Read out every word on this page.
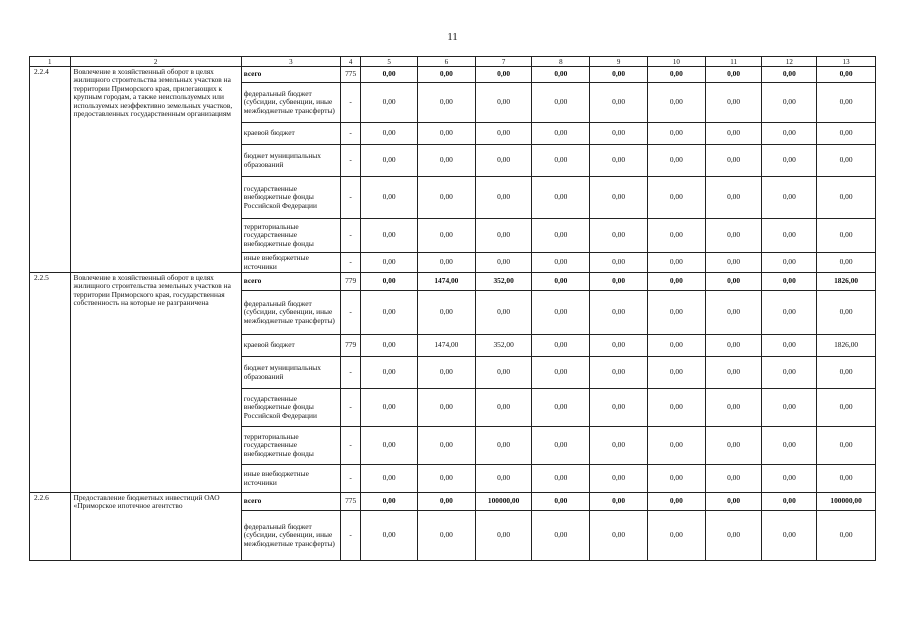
11
1	2	3	4	5	6	7	8	9	10	11	12	13
2.2.4	Вовлечение в хозяйственный оборот в целях жилищного строительства земельных участков на территории Приморского края, прилегающих к крупным городам, а также неиспользуемых или используемых неэффективно земельных участков, предоставленных государственным организациям	всего	775	0,00	0,00	0,00	0,00	0,00	0,00	0,00	0,00	0,00
		федеральный бюджет (субсидии, субвенции, иные межбюджетные трансферты)	-	0,00	0,00	0,00	0,00	0,00	0,00	0,00	0,00	0,00
		краевой бюджет	-	0,00	0,00	0,00	0,00	0,00	0,00	0,00	0,00	0,00
		бюджет муниципальных образований	-	0,00	0,00	0,00	0,00	0,00	0,00	0,00	0,00	0,00
		государственные внебюджетные фонды Российской Федерации	-	0,00	0,00	0,00	0,00	0,00	0,00	0,00	0,00	0,00
		территориальные государственные внебюджетные фонды	-	0,00	0,00	0,00	0,00	0,00	0,00	0,00	0,00	0,00
		иные внебюджетные источники	-	0,00	0,00	0,00	0,00	0,00	0,00	0,00	0,00	0,00
2.2.5	Вовлечение в хозяйственный оборот в целях жилищного строительства земельных участков на территории Приморского края, государственная собственность на которые не разграничена	всего	779	0,00	1474,00	352,00	0,00	0,00	0,00	0,00	0,00	1826,00
		федеральный бюджет (субсидии, субвенции, иные межбюджетные трансферты)	-	0,00	0,00	0,00	0,00	0,00	0,00	0,00	0,00	0,00
		краевой бюджет	779	0,00	1474,00	352,00	0,00	0,00	0,00	0,00	0,00	1826,00
		бюджет муниципальных образований	-	0,00	0,00	0,00	0,00	0,00	0,00	0,00	0,00	0,00
		государственные внебюджетные фонды Российской Федерации	-	0,00	0,00	0,00	0,00	0,00	0,00	0,00	0,00	0,00
		территориальные государственные внебюджетные фонды	-	0,00	0,00	0,00	0,00	0,00	0,00	0,00	0,00	0,00
		иные внебюджетные источники	-	0,00	0,00	0,00	0,00	0,00	0,00	0,00	0,00	0,00
2.2.6	Предоставление бюджетных инвестиций ОАО «Приморское ипотечное агентство	всего	775	0,00	0,00	100000,00	0,00	0,00	0,00	0,00	0,00	100000,00
		федеральный бюджет (субсидии, субвенции, иные межбюджетные трансферты)	-	0,00	0,00	0,00	0,00	0,00	0,00	0,00	0,00	0,00
